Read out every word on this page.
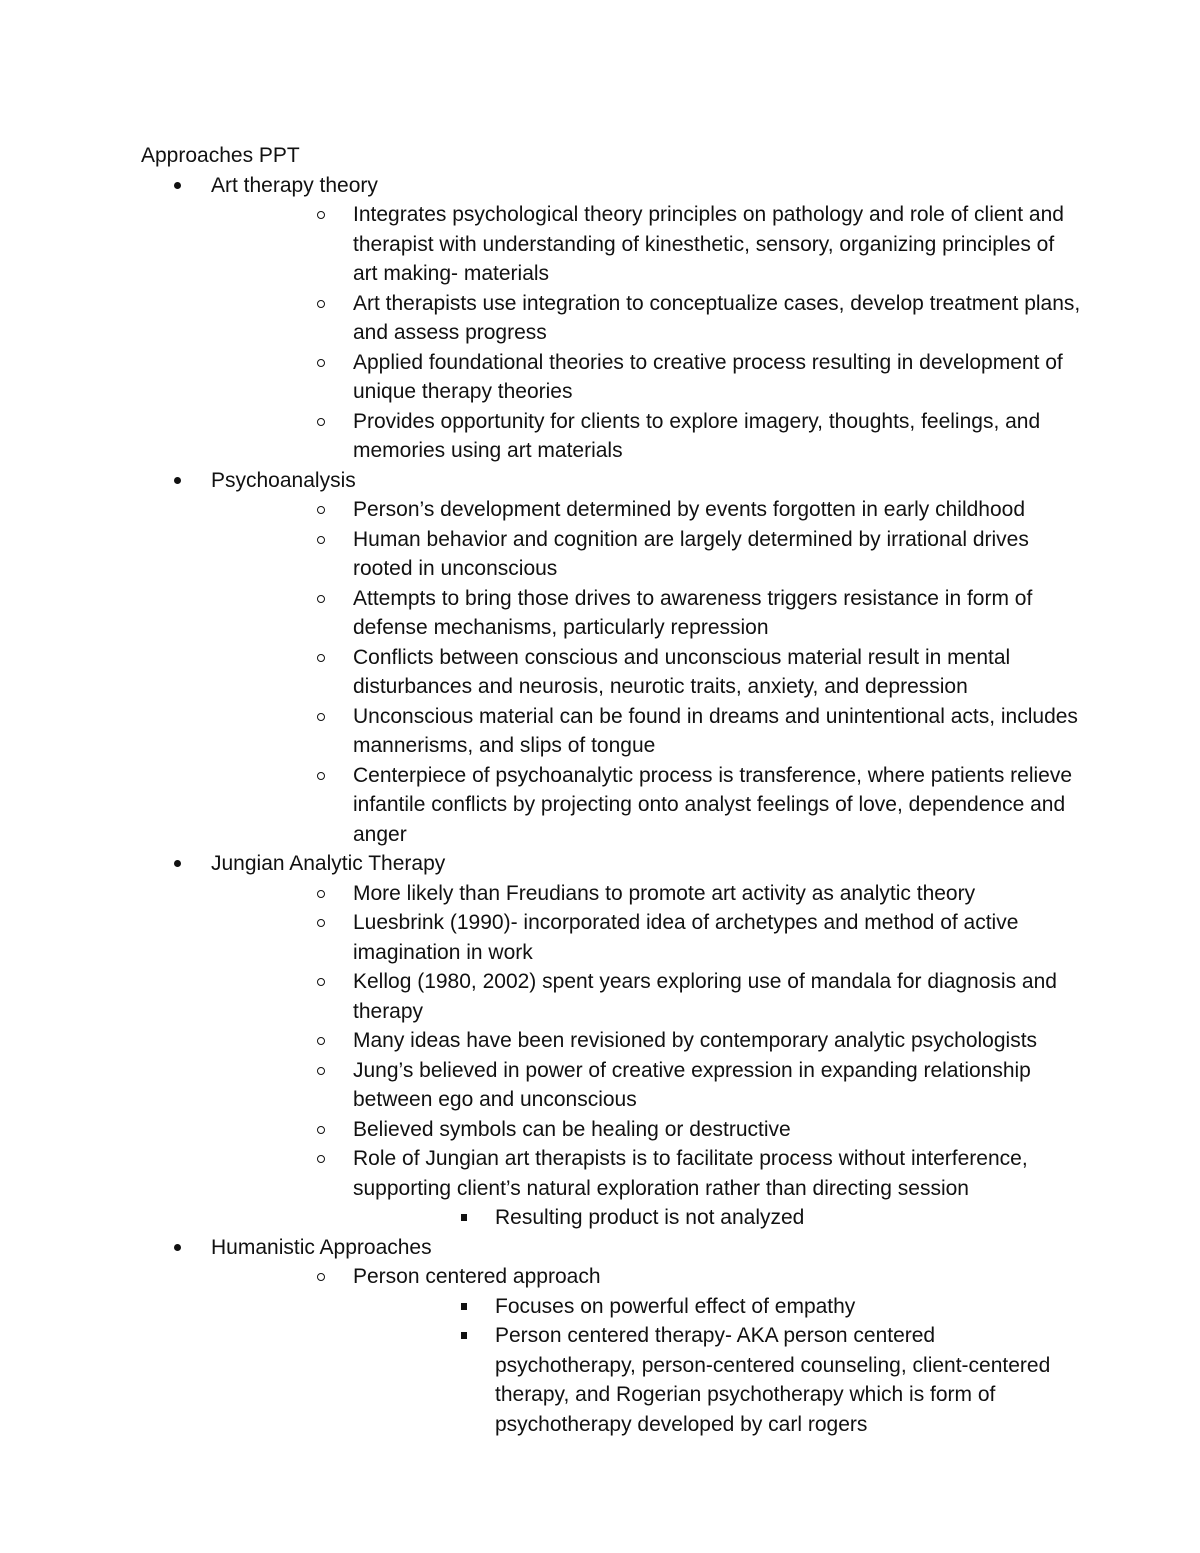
Approaches PPT
Art therapy theory
Integrates psychological theory principles on pathology and role of client and therapist with understanding of kinesthetic, sensory, organizing principles of art making- materials
Art therapists use integration to conceptualize cases, develop treatment plans, and assess progress
Applied foundational theories to creative process resulting in development of unique therapy theories
Provides opportunity for clients to explore imagery, thoughts, feelings, and memories using art materials
Psychoanalysis
Person’s development determined by events forgotten in early childhood
Human behavior and cognition are largely determined by irrational drives rooted in unconscious
Attempts to bring those drives to awareness triggers resistance in form of defense mechanisms, particularly repression
Conflicts between conscious and unconscious material result in mental disturbances and neurosis, neurotic traits, anxiety, and depression
Unconscious material can be found in dreams and unintentional acts, includes mannerisms, and slips of tongue
Centerpiece of psychoanalytic process is transference, where patients relieve infantile conflicts by projecting onto analyst feelings of love, dependence and anger
Jungian Analytic Therapy
More likely than Freudians to promote art activity as analytic theory
Luesbrink (1990)- incorporated idea of archetypes and method of active imagination in work
Kellog (1980, 2002) spent years exploring use of mandala for diagnosis and therapy
Many ideas have been revisioned by contemporary analytic psychologists
Jung’s believed in power of creative expression in expanding relationship between ego and unconscious
Believed symbols can be healing or destructive
Role of Jungian art therapists is to facilitate process without interference, supporting client’s natural exploration rather than directing session
Resulting product is not analyzed
Humanistic Approaches
Person centered approach
Focuses on powerful effect of empathy
Person centered therapy- AKA person centered psychotherapy, person-centered counseling, client-centered therapy, and Rogerian psychotherapy which is form of psychotherapy developed by carl rogers
